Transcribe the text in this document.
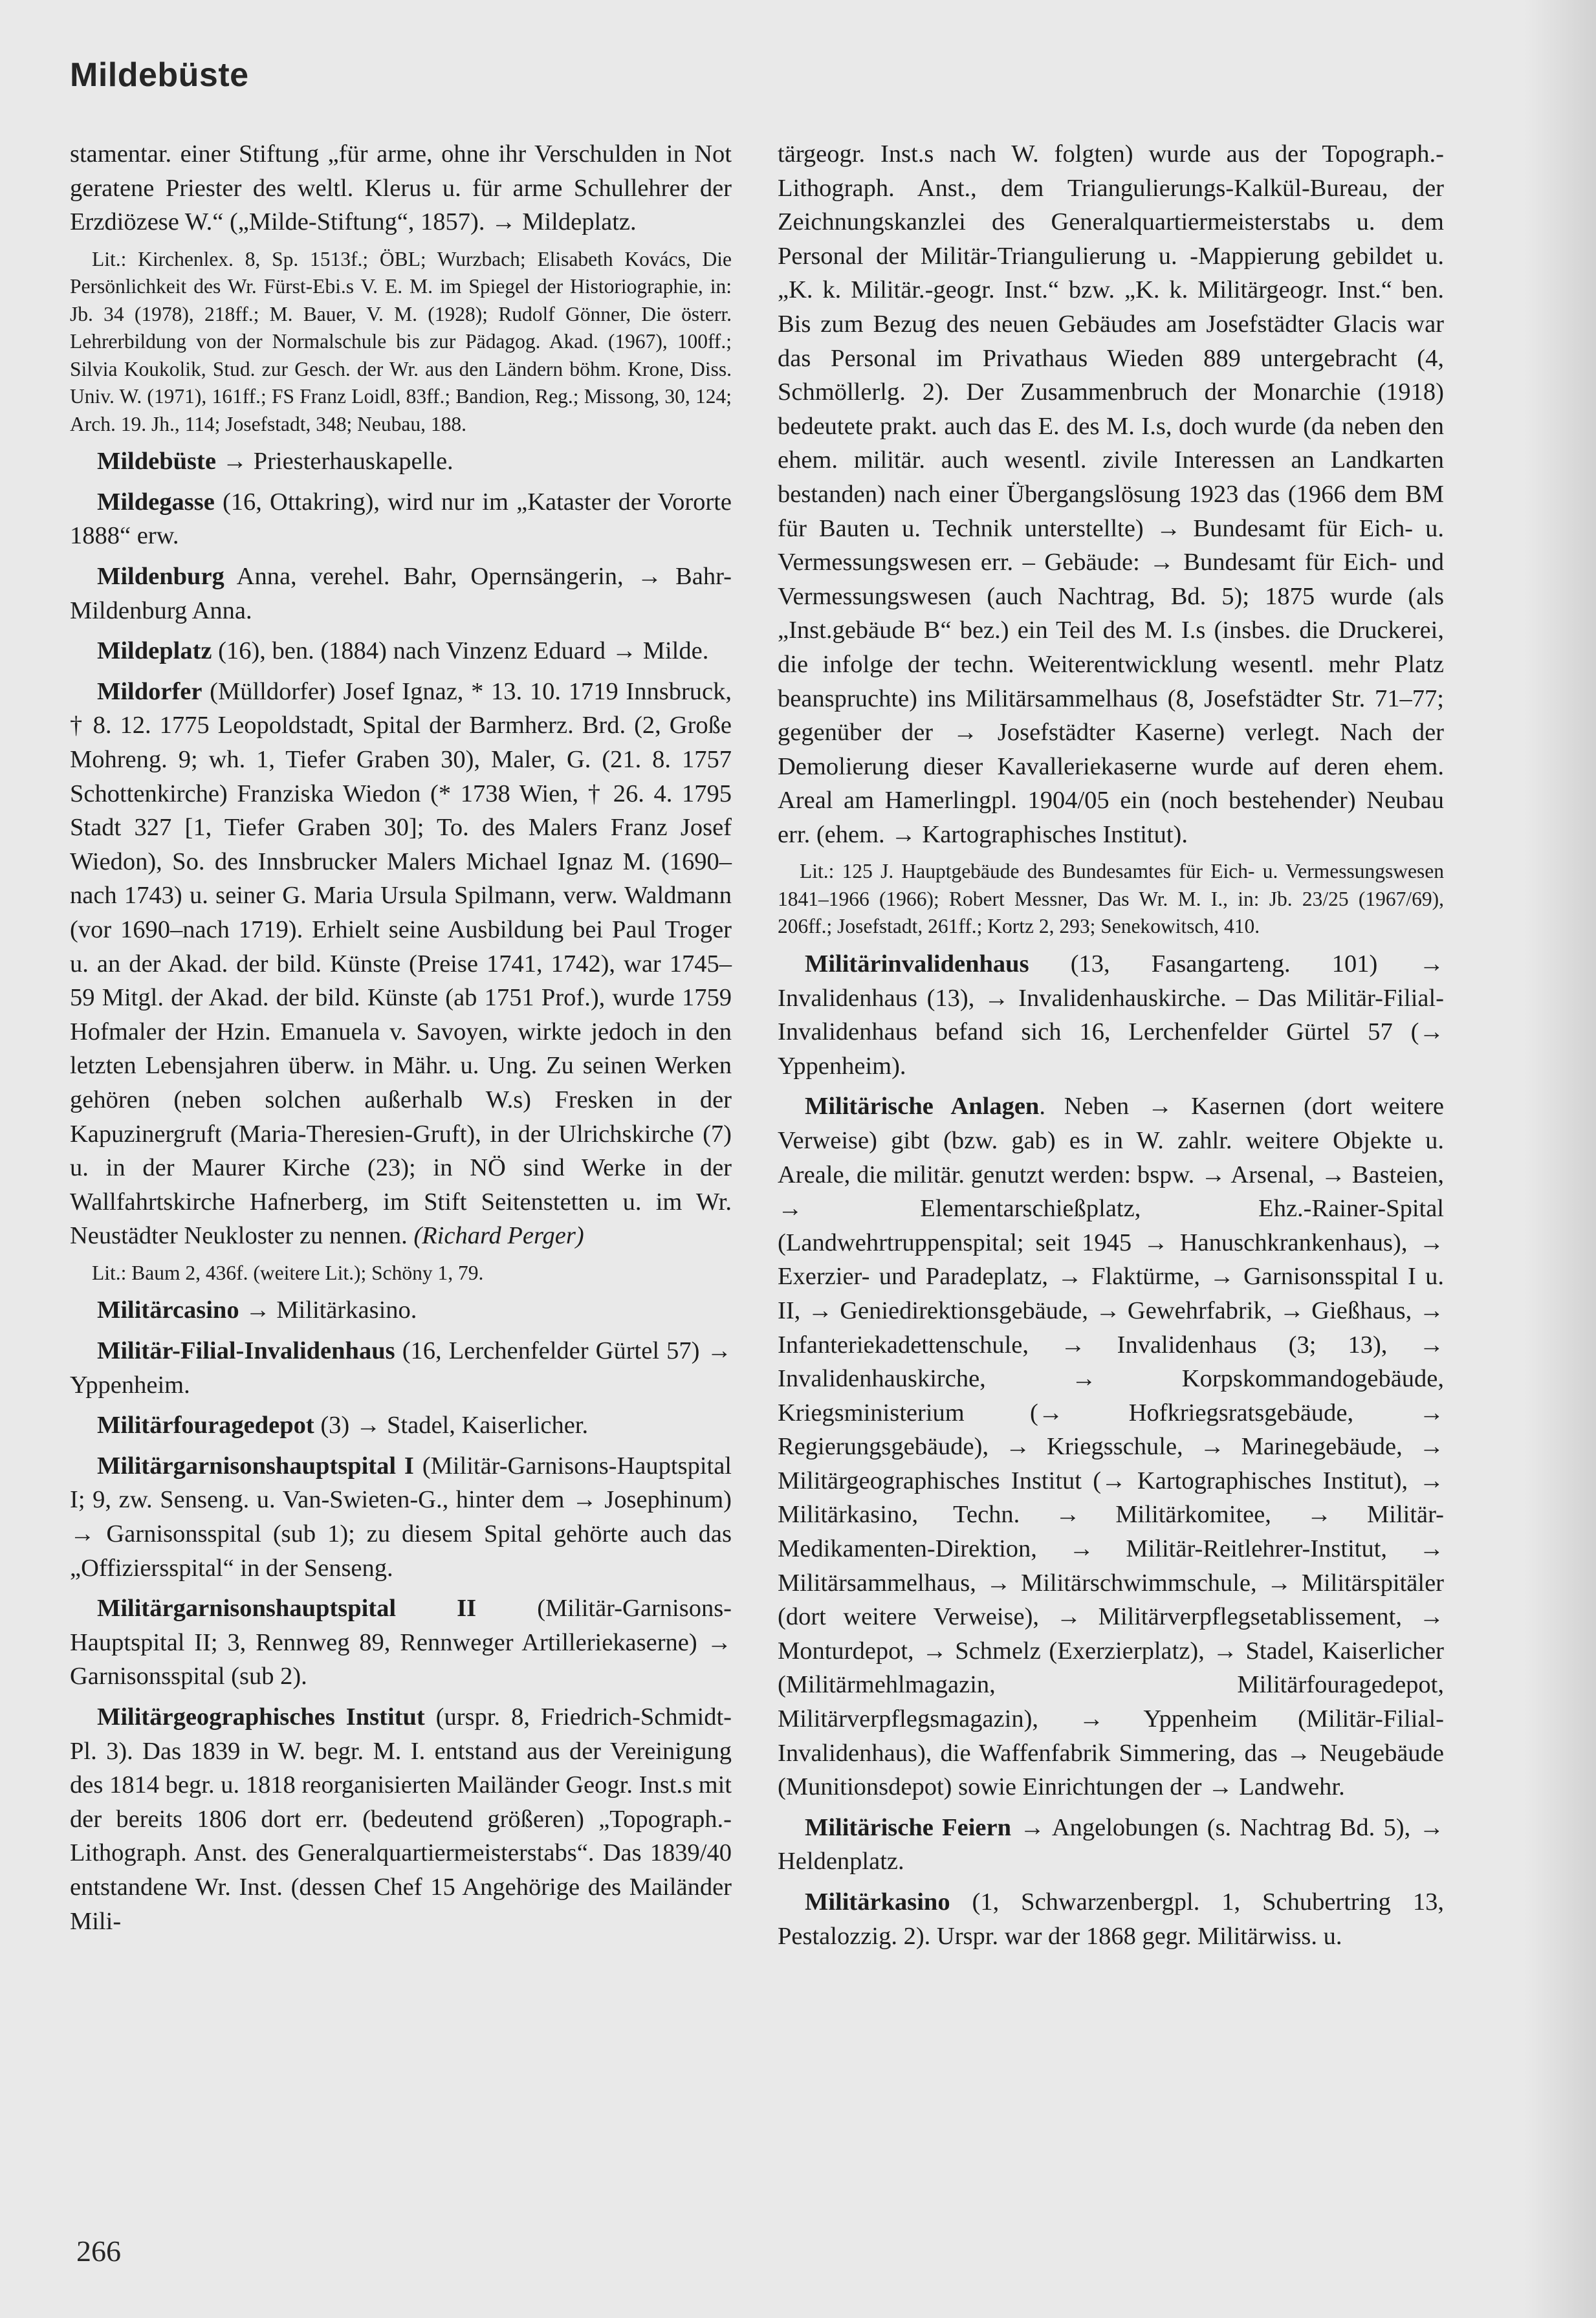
Mildebüste

stamentar. einer Stiftung „für arme, ohne ihr Verschulden in Not geratene Priester des weltl. Klerus u. für arme Schullehrer der Erzdiözese W.“ („Milde-Stiftung“, 1857). → Mildeplatz.

Lit.: Kirchenlex. 8, Sp. 1513f.; ÖBL; Wurzbach; Elisabeth Kovács, Die Persönlichkeit des Wr. Fürst-Ebi.s V. E. M. im Spiegel der Historiographie, in: Jb. 34 (1978), 218ff.; M. Bauer, V. M. (1928); Rudolf Gönner, Die österr. Lehrerbildung von der Normalschule bis zur Pädagog. Akad. (1967), 100ff.; Silvia Koukolik, Stud. zur Gesch. der Wr. aus den Ländern böhm. Krone, Diss. Univ. W. (1971), 161ff.; FS Franz Loidl, 83ff.; Bandion, Reg.; Missong, 30, 124; Arch. 19. Jh., 114; Josefstadt, 348; Neubau, 188.

Mildebüste → Priesterhauskapelle.

Mildegasse (16, Ottakring), wird nur im „Kataster der Vororte 1888“ erw.

Mildenburg Anna, verehel. Bahr, Opernsängerin, → Bahr-Mildenburg Anna.

Mildeplatz (16), ben. (1884) nach Vinzenz Eduard → Milde.

Mildorfer (Mülldorfer) Josef Ignaz, * 13. 10. 1719 Innsbruck, † 8. 12. 1775 Leopoldstadt, Spital der Barmherz. Brd. (2, Große Mohreng. 9; wh. 1, Tiefer Graben 30), Maler, G. (21. 8. 1757 Schottenkirche) Franziska Wiedon (* 1738 Wien, † 26. 4. 1795 Stadt 327 [1, Tiefer Graben 30]; To. des Malers Franz Josef Wiedon), So. des Innsbrucker Malers Michael Ignaz M. (1690–nach 1743) u. seiner G. Maria Ursula Spilmann, verw. Waldmann (vor 1690–nach 1719). Erhielt seine Ausbildung bei Paul Troger u. an der Akad. der bild. Künste (Preise 1741, 1742), war 1745–59 Mitgl. der Akad. der bild. Künste (ab 1751 Prof.), wurde 1759 Hofmaler der Hzin. Emanuela v. Savoyen, wirkte jedoch in den letzten Lebensjahren überw. in Mähr. u. Ung. Zu seinen Werken gehören (neben solchen außerhalb W.s) Fresken in der Kapuzinergruft (Maria-Theresien-Gruft), in der Ulrichskirche (7) u. in der Maurer Kirche (23); in NÖ sind Werke in der Wallfahrtskirche Hafnerberg, im Stift Seitenstetten u. im Wr. Neustädter Neukloster zu nennen. (Richard Perger)

Lit.: Baum 2, 436f. (weitere Lit.); Schöny 1, 79.

Militärcasino → Militärkasino.

Militär-Filial-Invalidenhaus (16, Lerchenfelder Gürtel 57) → Yppenheim.

Militärfouragedepot (3) → Stadel, Kaiserlicher.

Militärgarnisonshauptspital I (Militär-Garnisons-Hauptspital I; 9, zw. Senseng. u. Van-Swieten-G., hinter dem → Josephinum) → Garnisonsspital (sub 1); zu diesem Spital gehörte auch das „Offiziersspital“ in der Senseng.

Militärgarnisonshauptspital II (Militär-Garnisons-Hauptspital II; 3, Rennweg 89, Rennweger Artilleriekaserne) → Garnisonsspital (sub 2).

Militärgeographisches Institut (urspr. 8, Friedrich-Schmidt-Pl. 3). Das 1839 in W. begr. M. I. entstand aus der Vereinigung des 1814 begr. u. 1818 reorganisierten Mailänder Geogr. Inst.s mit der bereits 1806 dort err. (bedeutend größeren) „Topograph.-Lithograph. Anst. des Generalquartiermeisterstabs“. Das 1839/40 entstandene Wr. Inst. (dessen Chef 15 Angehörige des Mailänder Mili-

tärgeogr. Inst.s nach W. folgten) wurde aus der Topograph.-Lithograph. Anst., dem Triangulierungs-Kalkül-Bureau, der Zeichnungskanzlei des Generalquartiermeisterstabs u. dem Personal der Militär-Triangulierung u. -Mappierung gebildet u. „K. k. Militär.-geogr. Inst.“ bzw. „K. k. Militärgeogr. Inst.“ ben. Bis zum Bezug des neuen Gebäudes am Josefstädter Glacis war das Personal im Privathaus Wieden 889 untergebracht (4, Schmöllerlg. 2). Der Zusammenbruch der Monarchie (1918) bedeutete prakt. auch das E. des M. I.s, doch wurde (da neben den ehem. militär. auch wesentl. zivile Interessen an Landkarten bestanden) nach einer Übergangslösung 1923 das (1966 dem BM für Bauten u. Technik unterstellte) → Bundesamt für Eich- u. Vermessungswesen err. – Gebäude: → Bundesamt für Eich- und Vermessungswesen (auch Nachtrag, Bd. 5); 1875 wurde (als „Inst.gebäude B“ bez.) ein Teil des M. I.s (insbes. die Druckerei, die infolge der techn. Weiterentwicklung wesentl. mehr Platz beanspruchte) ins Militärsammelhaus (8, Josefstädter Str. 71–77; gegenüber der → Josefstädter Kaserne) verlegt. Nach der Demolierung dieser Kavalleriekaserne wurde auf deren ehem. Areal am Hamerlingpl. 1904/05 ein (noch bestehender) Neubau err. (ehem. → Kartographisches Institut).

Lit.: 125 J. Hauptgebäude des Bundesamtes für Eich- u. Vermessungswesen 1841–1966 (1966); Robert Messner, Das Wr. M. I., in: Jb. 23/25 (1967/69), 206ff.; Josefstadt, 261ff.; Kortz 2, 293; Senekowitsch, 410.

Militärinvalidenhaus (13, Fasangarteng. 101) → Invalidenhaus (13), → Invalidenhauskirche. – Das Militär-Filial-Invalidenhaus befand sich 16, Lerchenfelder Gürtel 57 (→ Yppenheim).

Militärische Anlagen. Neben → Kasernen (dort weitere Verweise) gibt (bzw. gab) es in W. zahlr. weitere Objekte u. Areale, die militär. genutzt werden: bspw. → Arsenal, → Basteien, → Elementarschießplatz, Ehz.-Rainer-Spital (Landwehrtruppenspital; seit 1945 → Hanuschkrankenhaus), → Exerzier- und Paradeplatz, → Flaktürme, → Garnisonsspital I u. II, → Geniedirektionsgebäude, → Gewehrfabrik, → Gießhaus, → Infanteriekadettenschule, → Invalidenhaus (3; 13), → Invalidenhauskirche, → Korpskommandogebäude, Kriegsministerium (→ Hofkriegsratsgebäude, → Regierungsgebäude), → Kriegsschule, → Marinegebäude, → Militärgeographisches Institut (→ Kartographisches Institut), → Militärkasino, Techn. → Militärkomitee, → Militär-Medikamenten-Direktion, → Militär-Reitlehrer-Institut, → Militärsammelhaus, → Militärschwimmschule, → Militärspitäler (dort weitere Verweise), → Militärverpflegsetablissement, → Monturdepot, → Schmelz (Exerzierplatz), → Stadel, Kaiserlicher (Militärmehlmagazin, Militärfouragedepot, Militärverpflegsmagazin), → Yppenheim (Militär-Filial-Invalidenhaus), die Waffenfabrik Simmering, das → Neugebäude (Munitionsdepot) sowie Einrichtungen der → Landwehr.

Militärische Feiern → Angelobungen (s. Nachtrag Bd. 5), → Heldenplatz.

Militärkasino (1, Schwarzenbergpl. 1, Schubertring 13, Pestalozzig. 2). Urspr. war der 1868 gegr. Militärwiss. u.

266
